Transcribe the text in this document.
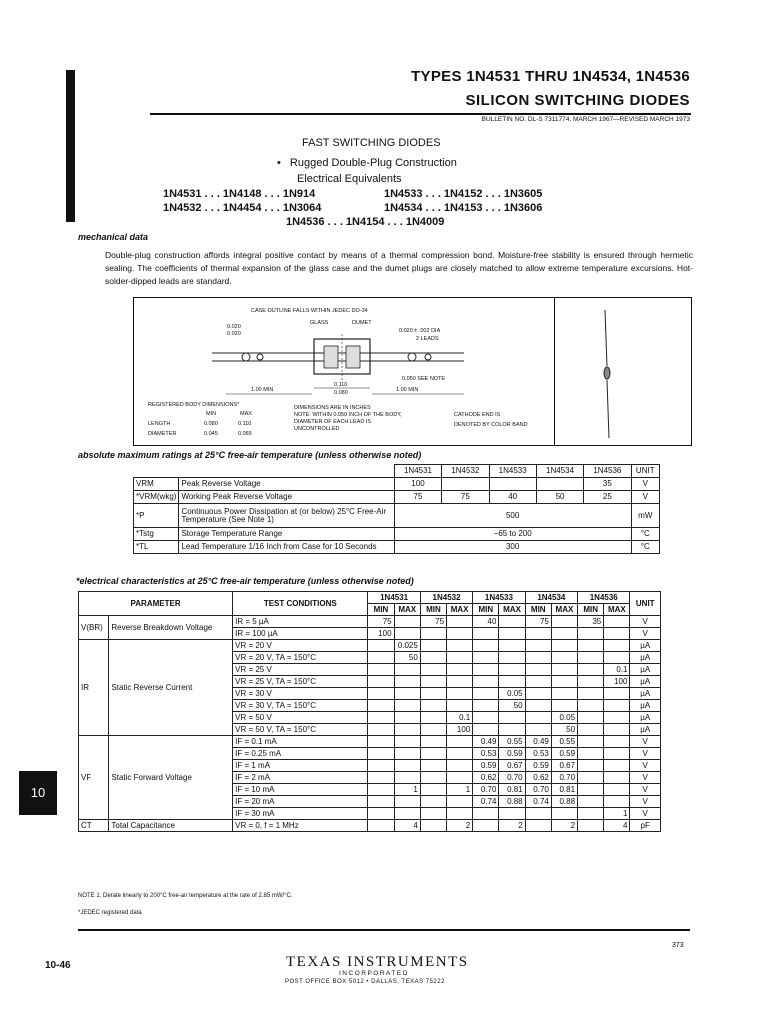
TYPES 1N4531 THRU 1N4534, 1N4536
SILICON SWITCHING DIODES
BULLETIN NO. DL-S 7311774, MARCH 1967—REVISED MARCH 1973
FAST SWITCHING DIODES
• Rugged Double-Plug Construction
Electrical Equivalents
1N4531 . . . 1N4148 . . . 1N914	1N4533 . . . 1N4152 . . . 1N3605
1N4532 . . . 1N4454 . . . 1N3064	1N4534 . . . 1N4153 . . . 1N3606
1N4536 . . . 1N4154 . . . 1N4009
mechanical data
Double-plug construction affords integral positive contact by means of a thermal compression bond. Moisture-free stability is ensured through hermetic sealing. The coefficients of thermal expansion of the glass case and the dumet plugs are closely matched to allow extreme temperature excursions. Hot-solder-dipped leads are standard.
CASE OUTLINE FALLS WITHIN JEDEC DO-34
GLASS	DUMET
0.020
0.020	0.020 ± .002 DIA
2 LEADS
1.00 MIN
0.110
0.080	1.00 MIN
0.050 SEE NOTE
DIMENSIONS ARE IN INCHES
NOTE: WITHIN 0.050 INCH OF THE BODY, DIAMETER OF EACH LEAD IS UNCONTROLLED
REGISTERED BODY DIMENSIONS*
MIN	MAX
LENGTH	0.080	0.110
DIAMETER	0.045	0.065
CATHODE END IS
DENOTED BY COLOR BAND
absolute maximum ratings at 25°C free-air temperature (unless otherwise noted)
		1N4531	1N4532	1N4533	1N4534	1N4536	UNIT
VRM	Peak Reverse Voltage	100				35	V
*VRM(wkg)	Working Peak Reverse Voltage	75	75	40	50	25	V
*P	Continuous Power Dissipation at (or below) 25°C Free-Air Temperature (See Note 1)	500					mW
*Tstg	Storage Temperature Range	−65 to 200					°C
*TL	Lead Temperature 1/16 Inch from Case for 10 Seconds	300					°C
*electrical characteristics at 25°C free-air temperature (unless otherwise noted)
PARAMETER		TEST CONDITIONS	1N4531		1N4532		1N4533		1N4534		1N4536		UNIT
			MIN	MAX	MIN	MAX	MIN	MAX	MIN	MAX	MIN	MAX	
V(BR)	Reverse Breakdown Voltage	IR = 5 µA	75		75		40		75		35		V
		IR = 100 µA	100										V
IR	Static Reverse Current	VR = 20 V		0.025									µA
		VR = 20 V, TA = 150°C		50									µA
		VR = 25 V										0.1	µA
		VR = 25 V, TA = 150°C										100	µA
		VR = 30 V						0.05					µA
		VR = 30 V, TA = 150°C						50					µA
		VR = 50 V				0.1				0.05			µA
		VR = 50 V, TA = 150°C				100				50			µA
VF	Static Forward Voltage	IF = 0.1 mA					0.49	0.55	0.49	0.55			V
		IF = 0.25 mA					0.53	0.59	0.53	0.59			V
		IF = 1 mA					0.59	0.67	0.59	0.67			V
		IF = 2 mA					0.62	0.70	0.62	0.70			V
		IF = 10 mA		1		1	0.70	0.81	0.70	0.81			V
		IF = 20 mA					0.74	0.88	0.74	0.88			V
		IF = 30 mA										1	V
CT	Total Capacitance	VR = 0, f = 1 MHz		4		2		2		2		4	pF
NOTE 1: Derate linearly to 200°C free-air temperature at the rate of 2.85 mW/°C.
*JEDEC registered data
10
373
10-46	TEXAS INSTRUMENTS
INCORPORATED
POST OFFICE BOX 5012 • DALLAS, TEXAS 75222
